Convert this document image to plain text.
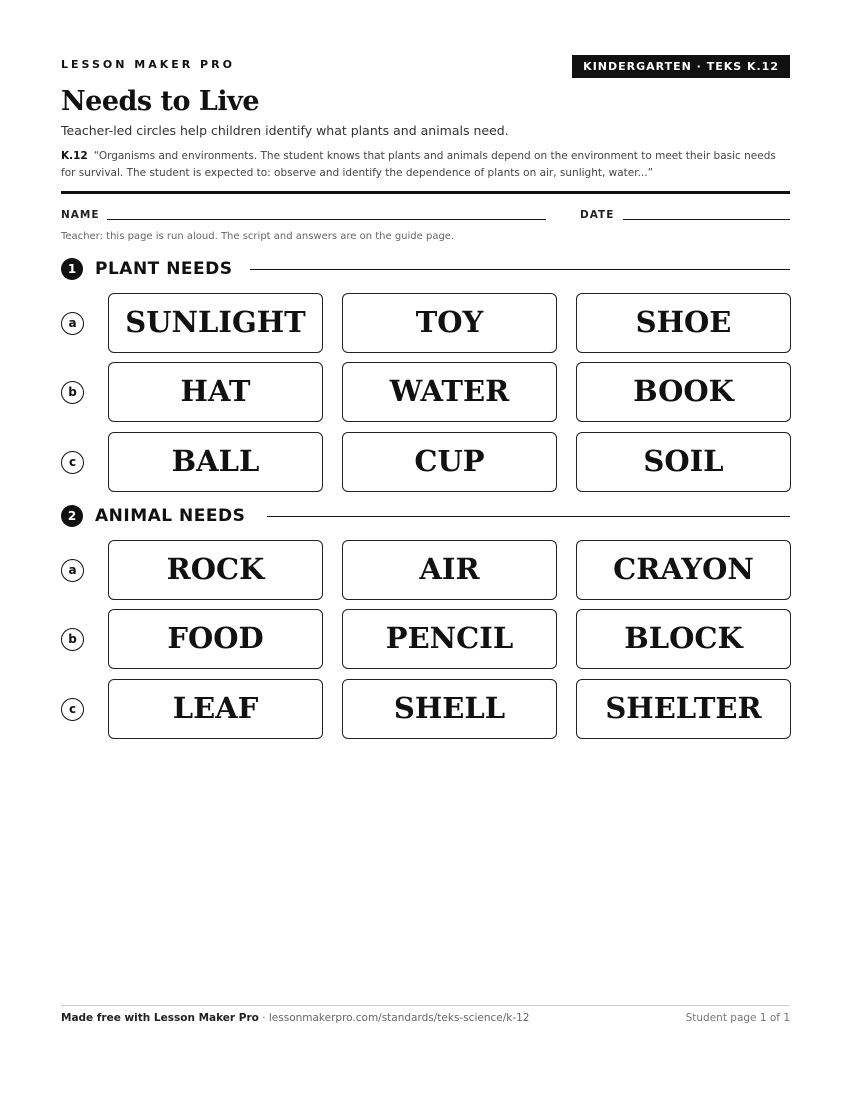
LESSON MAKER PRO	KINDERGARTEN · TEKS K.12
Needs to Live
Teacher-led circles help children identify what plants and animals need.
K.12 “Organisms and environments. The student knows that plants and animals depend on the environment to meet their basic needs for survival. The student is expected to: observe and identify the dependence of plants on air, sunlight, water...”
NAME	DATE
Teacher: this page is run aloud. The script and answers are on the guide page.
1	PLANT NEEDS
a	SUNLIGHT	TOY	SHOE
b	HAT	WATER	BOOK
c	BALL	CUP	SOIL
2	ANIMAL NEEDS
a	ROCK	AIR	CRAYON
b	FOOD	PENCIL	BLOCK
c	LEAF	SHELL	SHELTER
Made free with Lesson Maker Pro · lessonmakerpro.com/standards/teks-science/k-12	Student page 1 of 1
